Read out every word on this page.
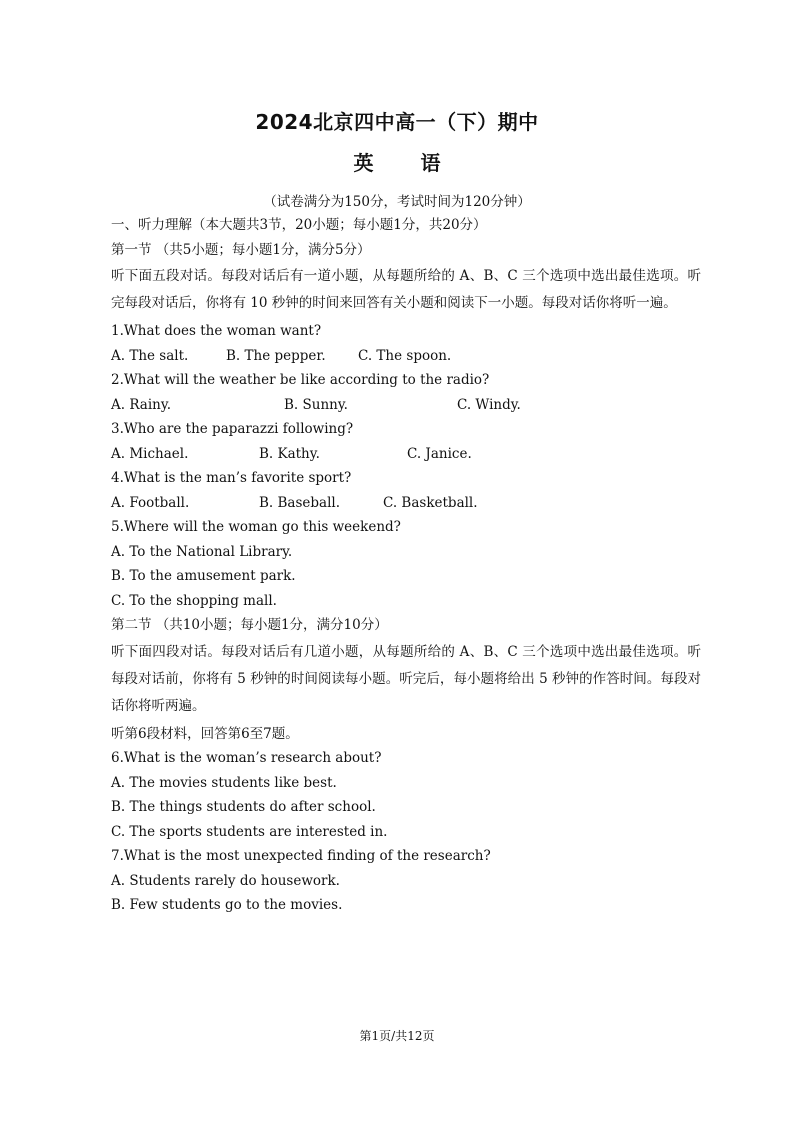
2024北京四中高一（下）期中
英 语
（试卷满分为150分，考试时间为120分钟）
一、听力理解（本大题共3节，20小题；每小题1分，共20分）
第一节 （共5小题；每小题1分，满分5分）
听下面五段对话。每段对话后有一道小题，从每题所给的 A、B、C 三个选项中选出最佳选项。听完每段对话后，你将有 10 秒钟的时间来回答有关小题和阅读下一小题。每段对话你将听一遍。
1.What does the woman want?
A. The salt.	B. The pepper.	C. The spoon.
2.What will the weather be like according to the radio?
A. Rainy.	B. Sunny.	C. Windy.
3.Who are the paparazzi following?
A. Michael.	B. Kathy.	C. Janice.
4.What is the man’s favorite sport?
A. Football.	B. Baseball.	C. Basketball.
5.Where will the woman go this weekend?
A. To the National Library.
B. To the amusement park.
C. To the shopping mall.
第二节 （共10小题；每小题1分，满分10分）
听下面四段对话。每段对话后有几道小题，从每题所给的 A、B、C 三个选项中选出最佳选项。听每段对话前，你将有 5 秒钟的时间阅读每小题。听完后，每小题将给出 5 秒钟的作答时间。每段对话你将听两遍。
听第6段材料，回答第6至7题。
6.What is the woman’s research about?
A. The movies students like best.
B. The things students do after school.
C. The sports students are interested in.
7.What is the most unexpected finding of the research?
A. Students rarely do housework.
B. Few students go to the movies.
第1页/共12页
